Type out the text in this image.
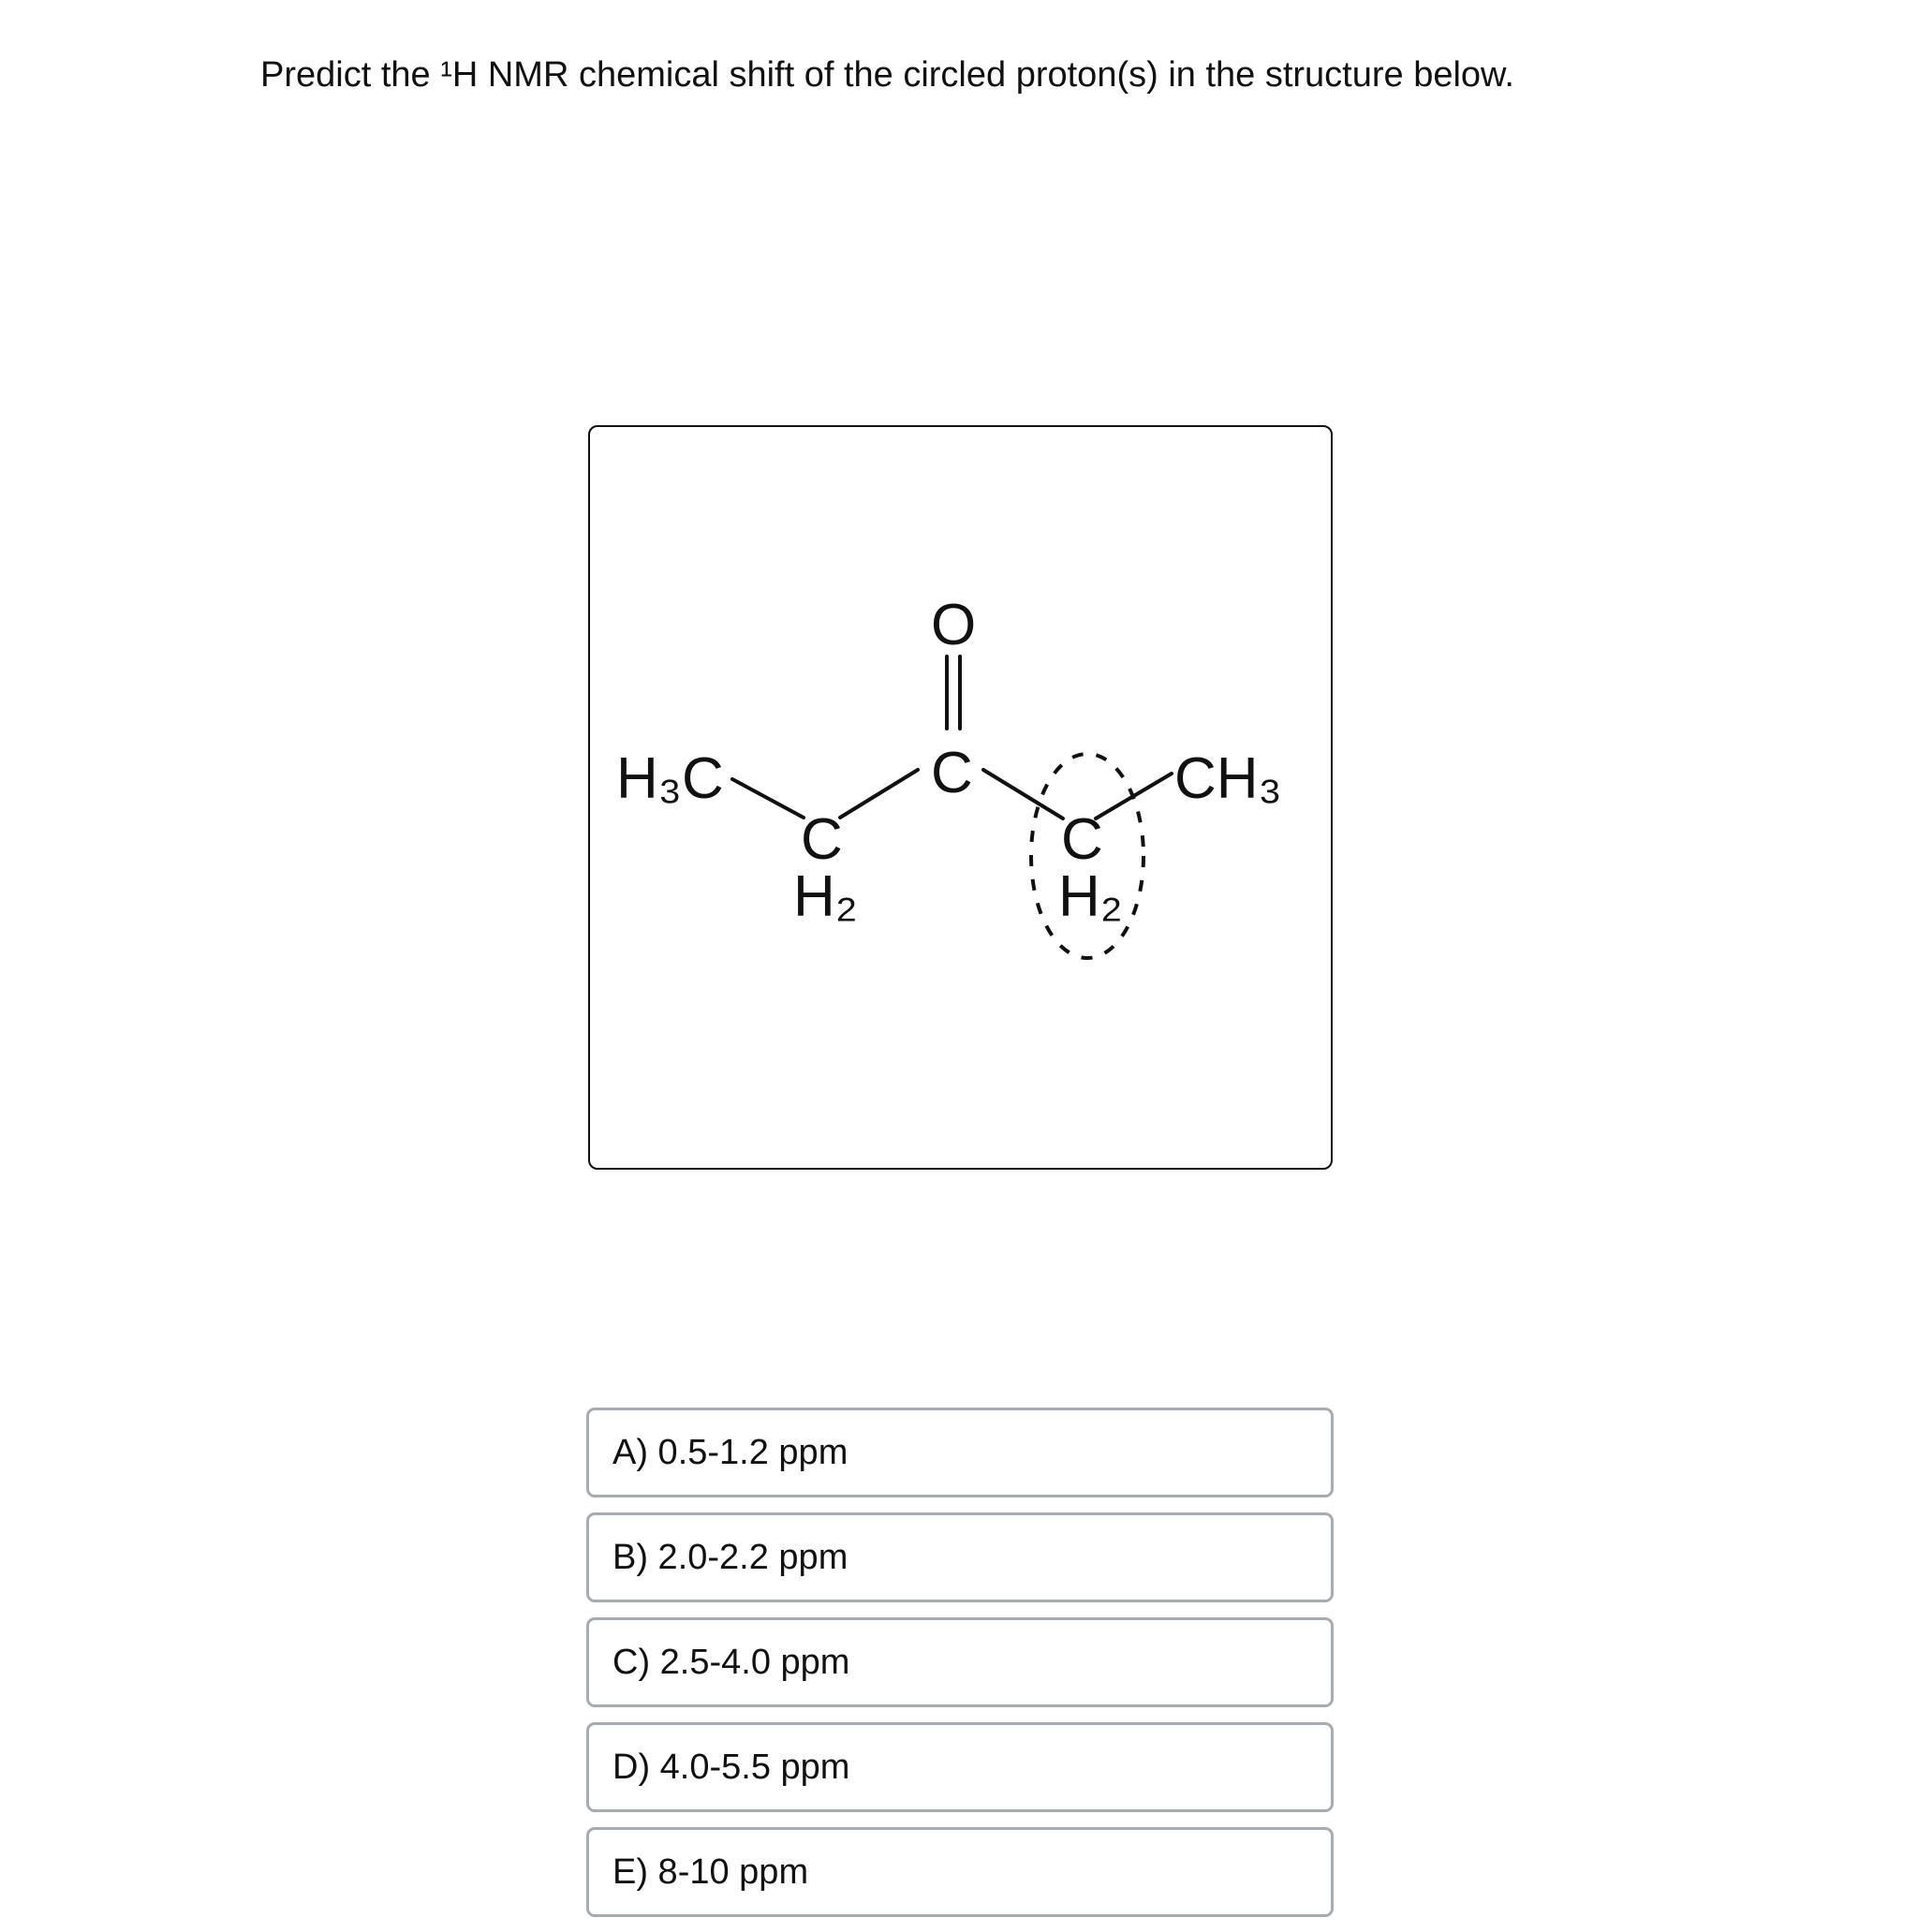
Predict the ¹H NMR chemical shift of the circled proton(s) in the structure below.
H₃C
C
H₂
O
C
C
H₂
CH₃
A) 0.5-1.2 ppm
B) 2.0-2.2 ppm
C) 2.5-4.0 ppm
D) 4.0-5.5 ppm
E) 8-10 ppm
